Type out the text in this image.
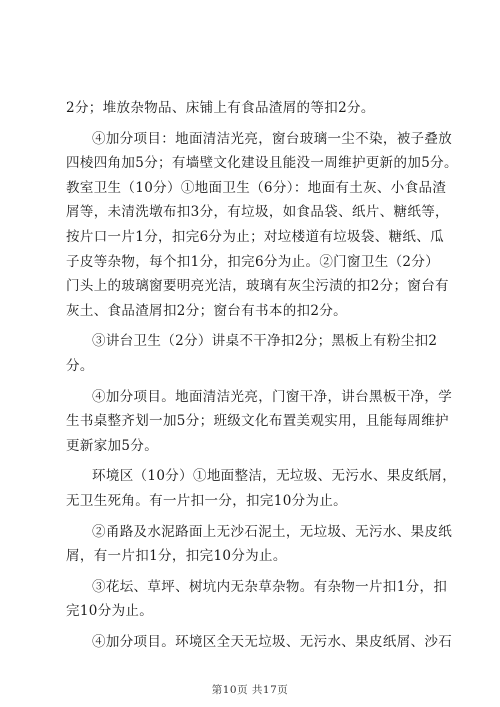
2分；堆放杂物品、床铺上有食品渣屑的等扣2分。
④加分项目：地面清洁光亮，窗台玻璃一尘不染，被子叠放
四棱四角加5分；有墙壁文化建设且能没一周维护更新的加5分。
教室卫生（10分）①地面卫生（6分）：地面有土灰、小食品渣
屑等，未清洗墩布扣3分，有垃圾，如食品袋、纸片、糖纸等，
按片口一片1分，扣完6分为止；对垃楼道有垃圾袋、糖纸、瓜
子皮等杂物，每个扣1分，扣完6分为止。②门窗卫生（2分）
门头上的玻璃窗要明亮光洁，玻璃有灰尘污渍的扣2分；窗台有
灰土、食品渣屑扣2分；窗台有书本的扣2分。
③讲台卫生（2分）讲桌不干净扣2分；黑板上有粉尘扣2
分。
④加分项目。地面清洁光亮，门窗干净，讲台黑板干净，学
生书桌整齐划一加5分；班级文化布置美观实用，且能每周维护
更新家加5分。
环境区（10分）①地面整洁，无垃圾、无污水、果皮纸屑，
无卫生死角。有一片扣一分，扣完10分为止。
②甬路及水泥路面上无沙石泥土，无垃圾、无污水、果皮纸
屑，有一片扣1分，扣完10分为止。
③花坛、草坪、树坑内无杂草杂物。有杂物一片扣1分，扣
完10分为止。
④加分项目。环境区全天无垃圾、无污水、果皮纸屑、沙石
第10页 共17页
